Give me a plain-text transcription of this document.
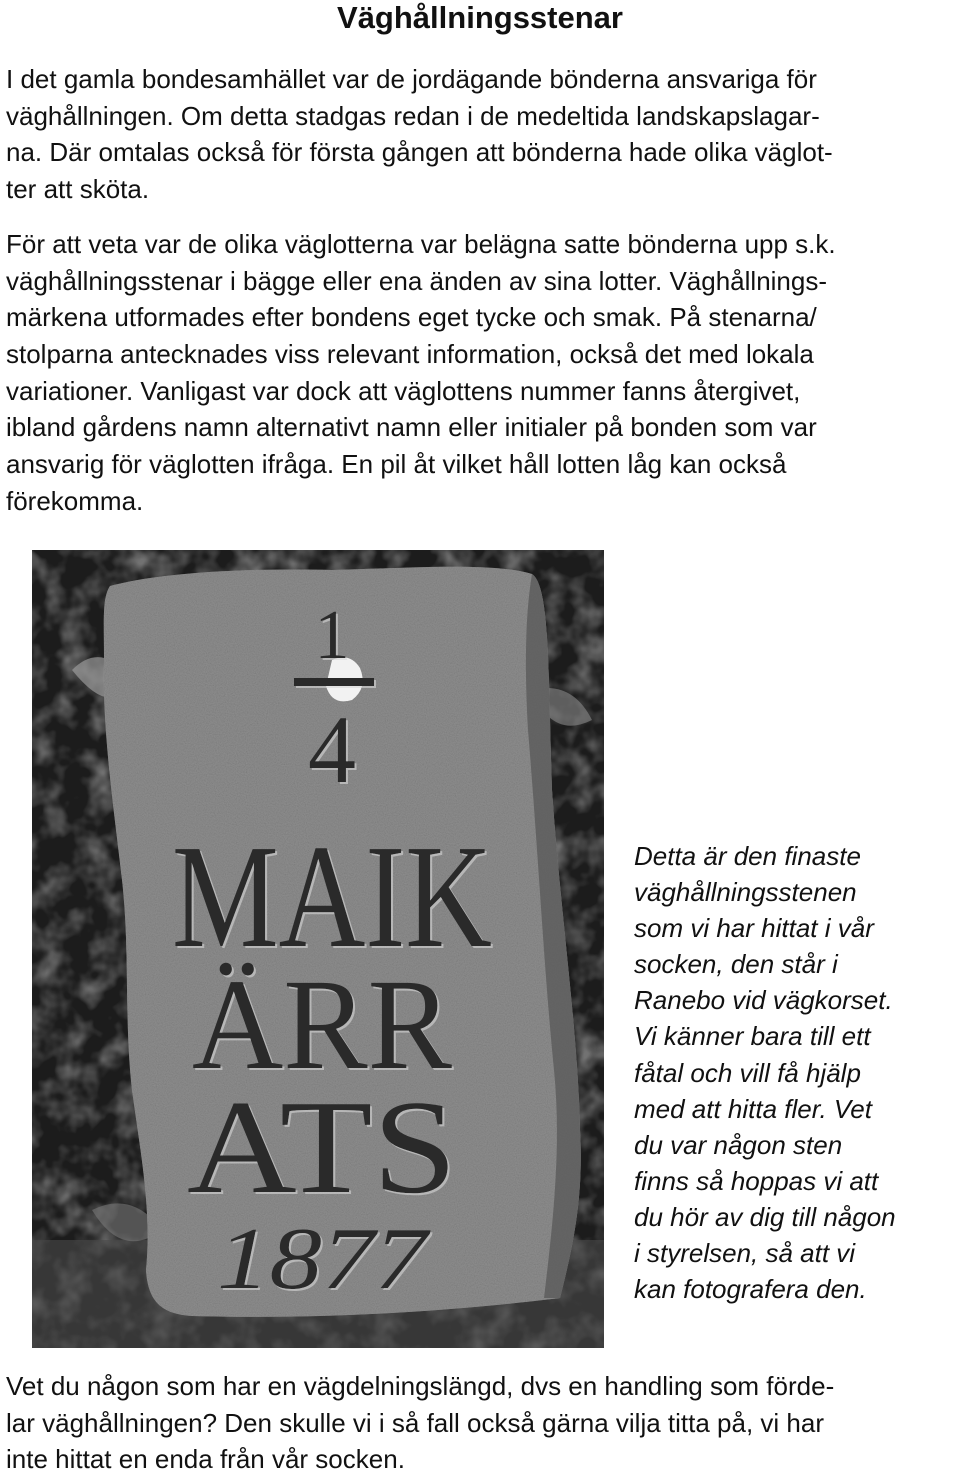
Väghållningsstenar
I det gamla bondesamhället var de jordägande bönderna ansvariga för
väghållningen. Om detta stadgas redan i de medeltida landskapslagar-
na. Där omtalas också för första gången att bönderna hade olika väglot-
ter att sköta.
För att veta var de olika väglotterna var belägna satte bönderna upp s.k.
väghållningsstenar i bägge eller ena änden av sina lotter. Väghållnings-
märkena utformades efter bondens eget tycke och smak. På stenarna/
stolparna antecknades viss relevant information, också det med lokala
variationer. Vanligast var dock att väglottens nummer fanns återgivet,
ibland gårdens namn alternativt namn eller initialer på bonden som var
ansvarig för väglotten ifråga. En pil åt vilket håll lotten låg kan också
förekomma.
1
4
MAIK
ÄRR
ATS
1877
Detta är den finaste
väghållningsstenen
som vi har hittat i vår
socken, den står i
Ranebo vid vägkorset.
Vi känner bara till ett
fåtal och vill få hjälp
med att hitta fler. Vet
du var någon sten
finns så hoppas vi att
du hör av dig till någon
i styrelsen, så att vi
kan fotografera den.
Vet du någon som har en vägdelningslängd, dvs en handling som förde-
lar väghållningen? Den skulle vi i så fall också gärna vilja titta på, vi har
inte hittat en enda från vår socken.
